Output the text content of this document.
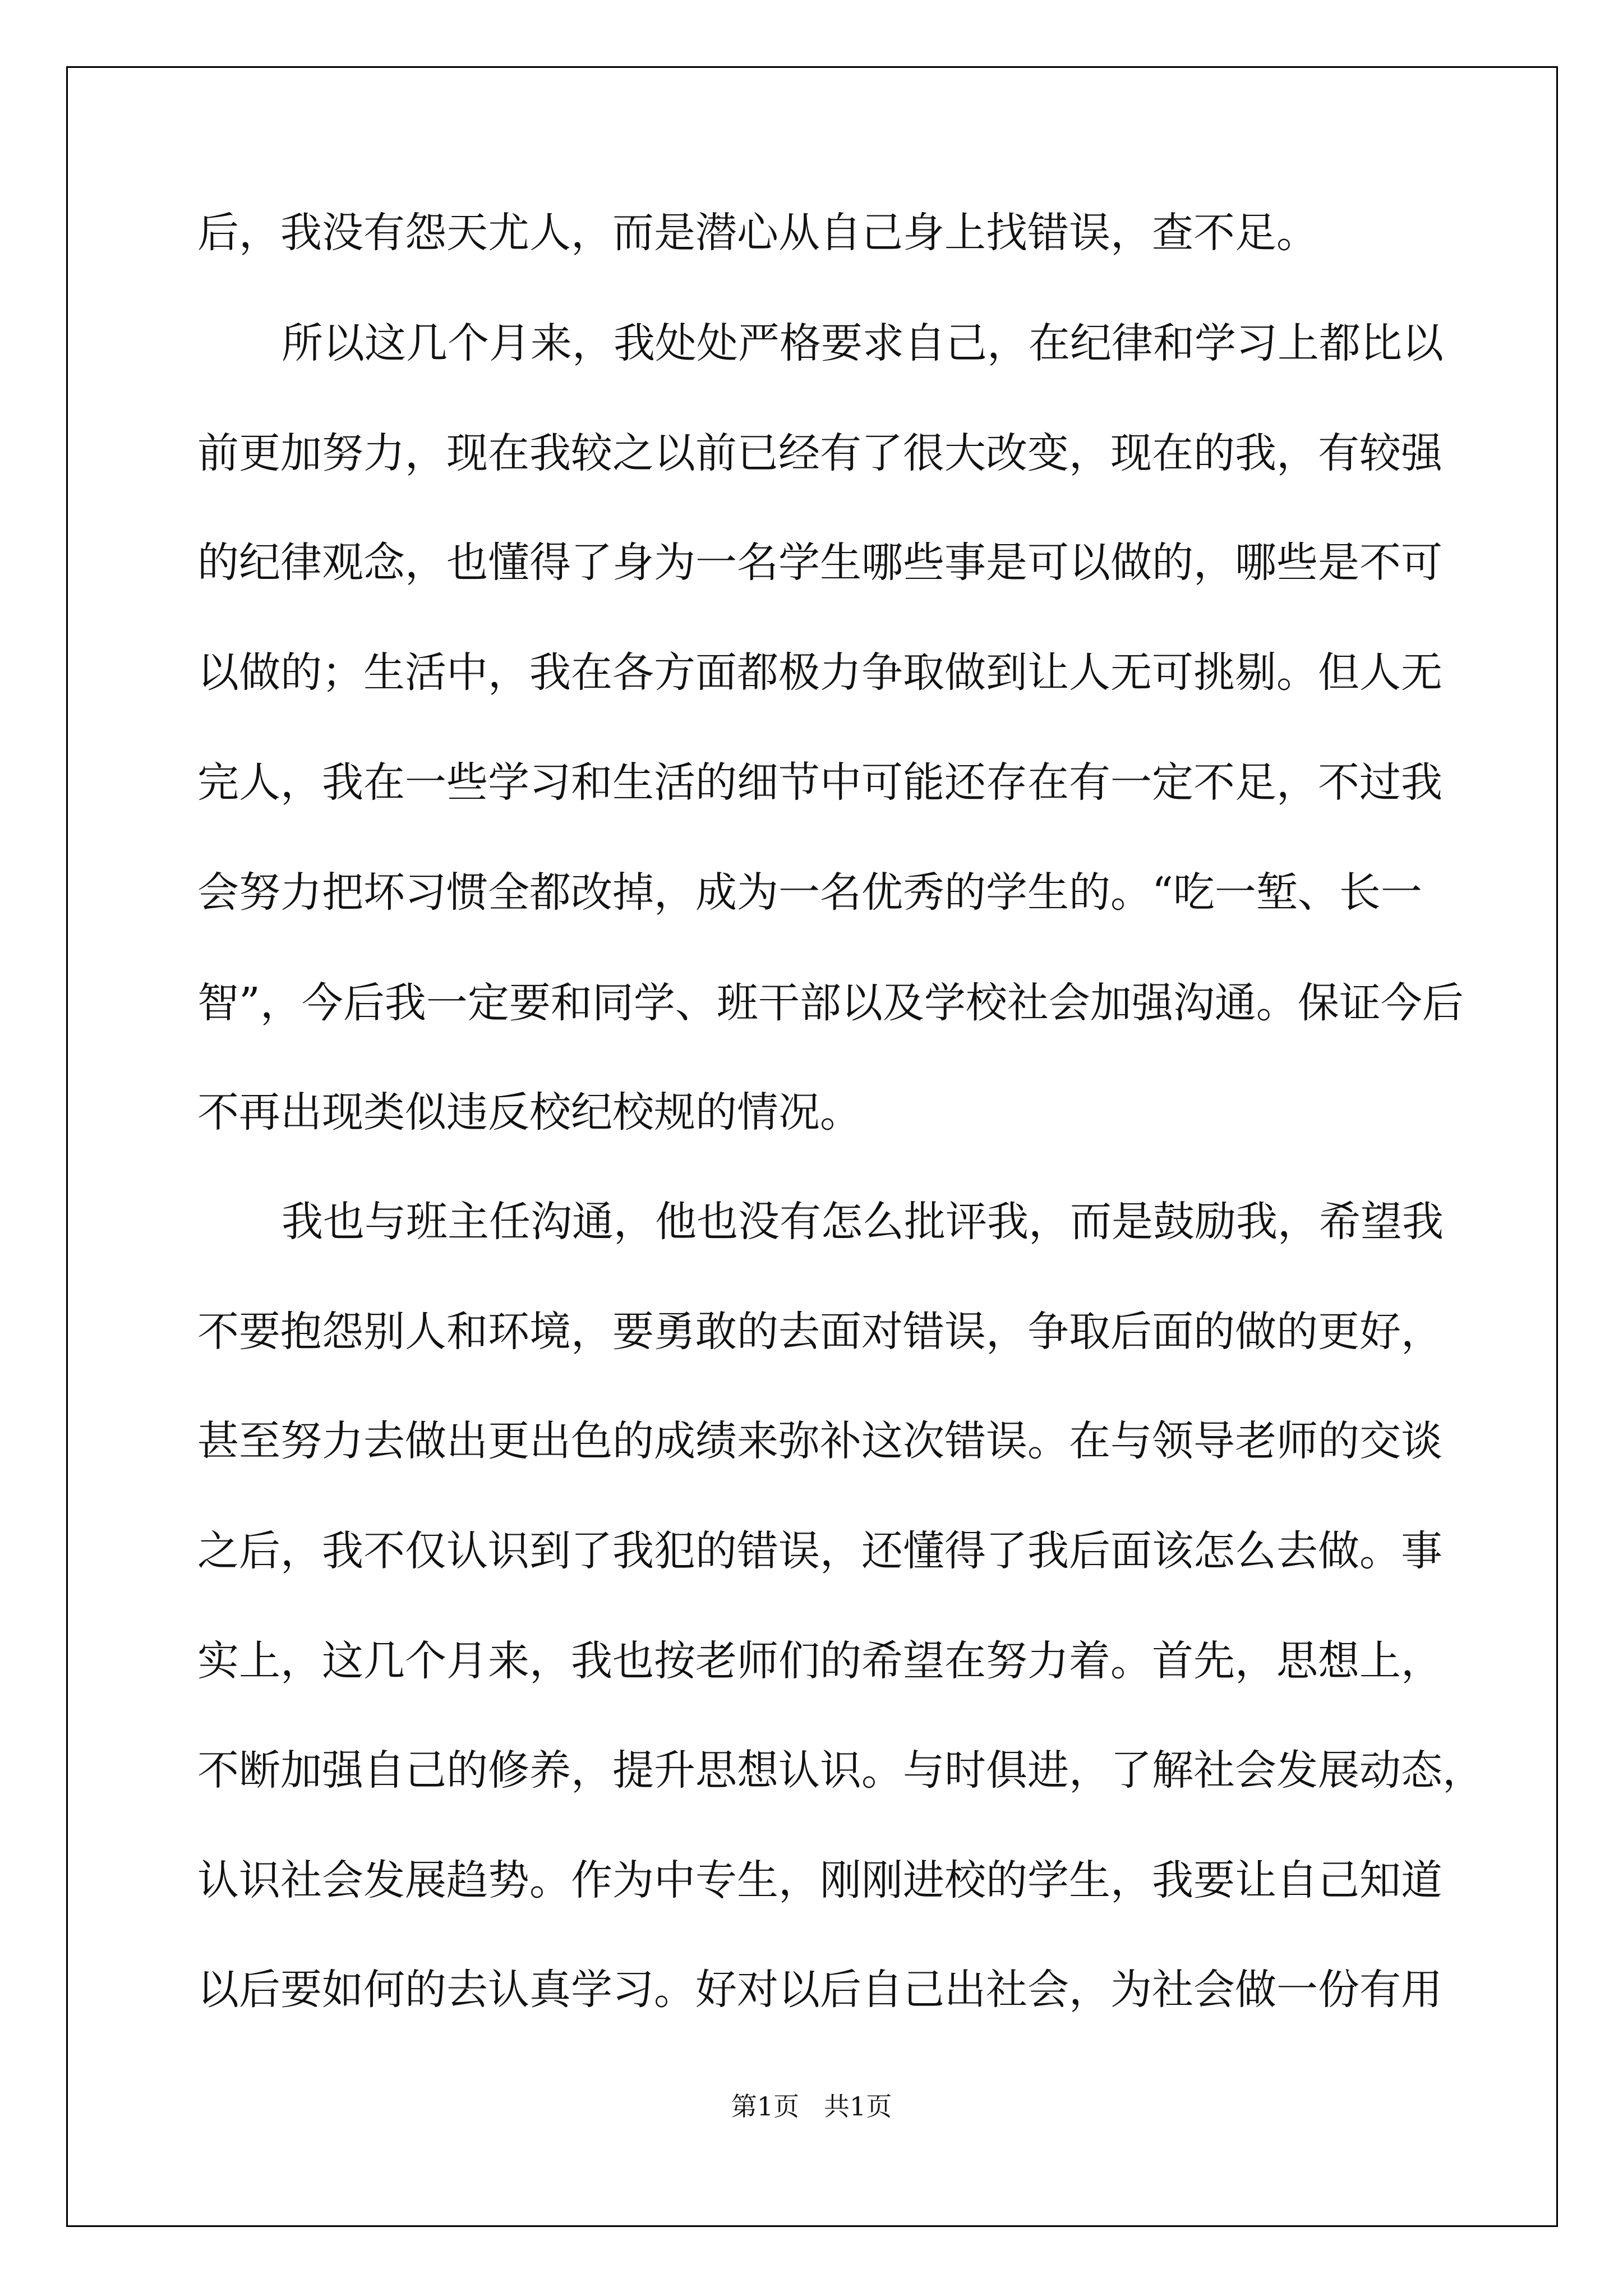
后，我没有怨天尤人，而是潜心从自己身上找错误，查不足。
所以这几个月来，我处处严格要求自己，在纪律和学习上都比以
前更加努力，现在我较之以前已经有了很大改变，现在的我，有较强
的纪律观念，也懂得了身为一名学生哪些事是可以做的，哪些是不可
以做的；生活中，我在各方面都极力争取做到让人无可挑剔。但人无
完人，我在一些学习和生活的细节中可能还存在有一定不足，不过我
会努力把坏习惯全都改掉，成为一名优秀的学生的。“吃一堑、长一
智”，今后我一定要和同学、班干部以及学校社会加强沟通。保证今后
不再出现类似违反校纪校规的情况。
我也与班主任沟通，他也没有怎么批评我，而是鼓励我，希望我
不要抱怨别人和环境，要勇敢的去面对错误，争取后面的做的更好，
甚至努力去做出更出色的成绩来弥补这次错误。在与领导老师的交谈
之后，我不仅认识到了我犯的错误，还懂得了我后面该怎么去做。事
实上，这几个月来，我也按老师们的希望在努力着。首先，思想上，
不断加强自己的修养，提升思想认识。与时俱进，了解社会发展动态，
认识社会发展趋势。作为中专生，刚刚进校的学生，我要让自己知道
以后要如何的去认真学习。好对以后自己出社会，为社会做一份有用
第1页   共1页
